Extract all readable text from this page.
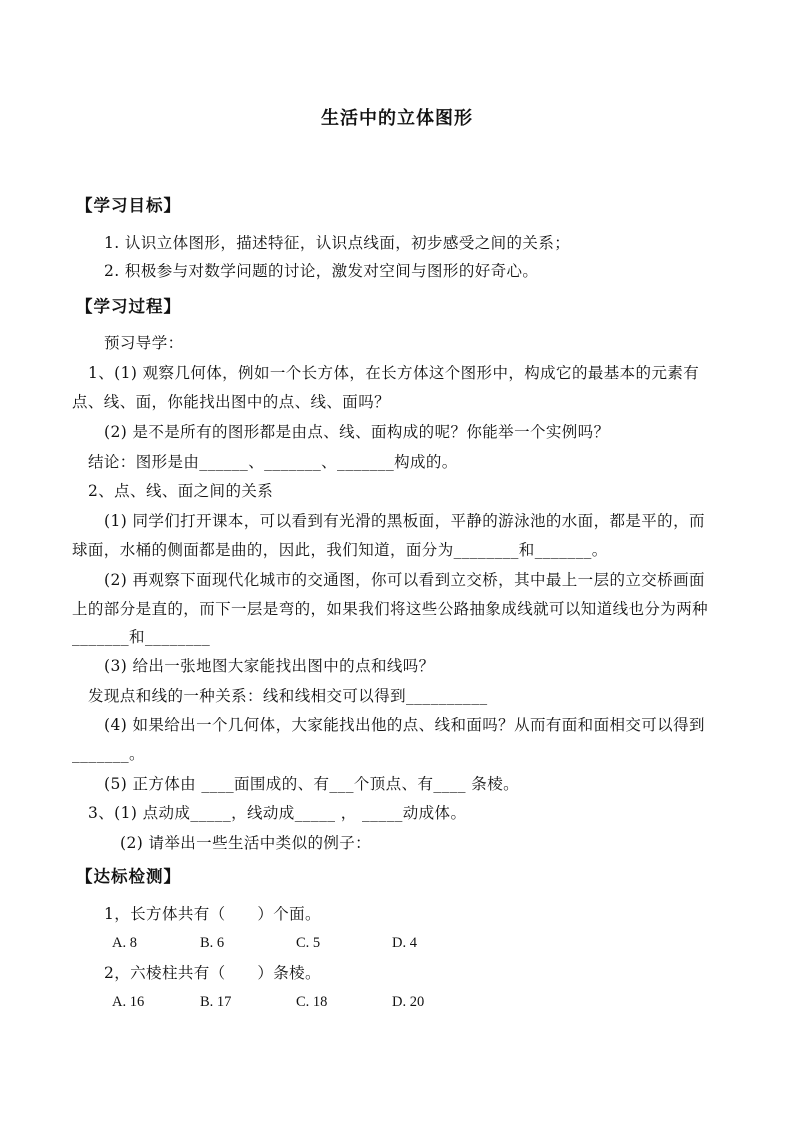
生活中的立体图形
【学习目标】
1. 认识立体图形，描述特征，认识点线面，初步感受之间的关系；
2. 积极参与对数学问题的讨论，激发对空间与图形的好奇心。
【学习过程】
预习导学：
1、(1) 观察几何体，例如一个长方体，在长方体这个图形中，构成它的最基本的元素有
点、线、面，你能找出图中的点、线、面吗？
(2) 是不是所有的图形都是由点、线、面构成的呢？你能举一个实例吗？
结论：图形是由______、_______、_______构成的。
2、点、线、面之间的关系
(1) 同学们打开课本，可以看到有光滑的黑板面，平静的游泳池的水面，都是平的，而
球面，水桶的侧面都是曲的，因此，我们知道，面分为________和_______。
(2) 再观察下面现代化城市的交通图，你可以看到立交桥，其中最上一层的立交桥画面
上的部分是直的，而下一层是弯的，如果我们将这些公路抽象成线就可以知道线也分为两种
_______和________
(3) 给出一张地图大家能找出图中的点和线吗？
发现点和线的一种关系：线和线相交可以得到__________
(4) 如果给出一个几何体，大家能找出他的点、线和面吗？从而有面和面相交可以得到
_______。
(5) 正方体由 ____面围成的、有___个顶点、有____ 条棱。
3、(1) 点动成_____，线动成_____ ， _____动成体。
(2) 请举出一些生活中类似的例子：
【达标检测】
1，长方体共有（　　）个面。
A. 8	B. 6	C. 5	D. 4
2，六棱柱共有（　　）条棱。
A. 16	B. 17	C. 18	D. 20
